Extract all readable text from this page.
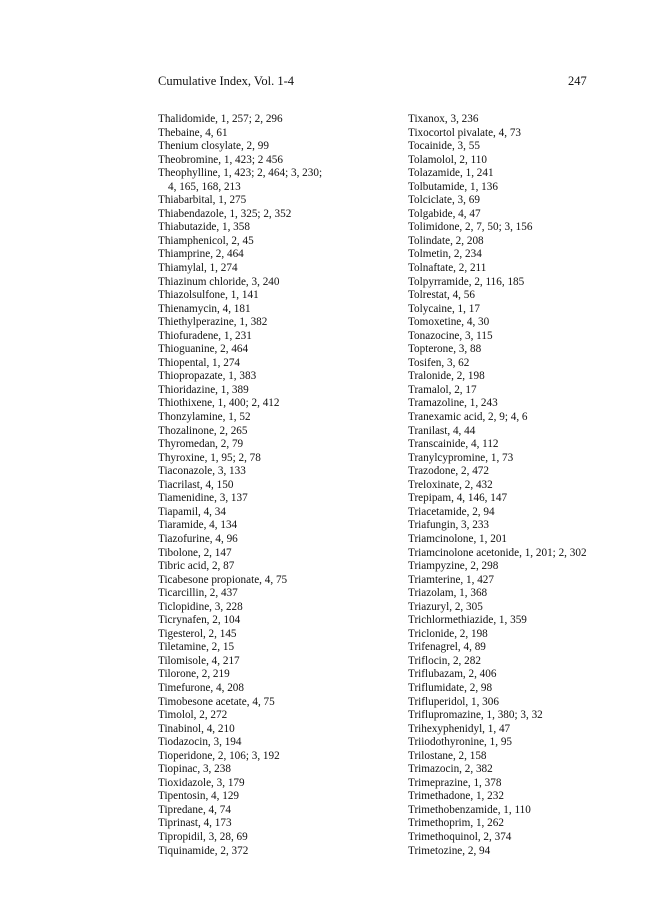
Cumulative Index, Vol. 1-4	247
Thalidomide, 1, 257; 2, 296
Thebaine, 4, 61
Thenium closylate, 2, 99
Theobromine, 1, 423; 2 456
Theophylline, 1, 423; 2, 464; 3, 230;
4, 165, 168, 213
Thiabarbital, 1, 275
Thiabendazole, 1, 325; 2, 352
Thiabutazide, 1, 358
Thiamphenicol, 2, 45
Thiamprine, 2, 464
Thiamylal, 1, 274
Thiazinum chloride, 3, 240
Thiazolsulfone, 1, 141
Thienamycin, 4, 181
Thiethylperazine, 1, 382
Thiofuradene, 1, 231
Thioguanine, 2, 464
Thiopental, 1, 274
Thiopropazate, 1, 383
Thioridazine, 1, 389
Thiothixene, 1, 400; 2, 412
Thonzylamine, 1, 52
Thozalinone, 2, 265
Thyromedan, 2, 79
Thyroxine, 1, 95; 2, 78
Tiaconazole, 3, 133
Tiacrilast, 4, 150
Tiamenidine, 3, 137
Tiapamil, 4, 34
Tiaramide, 4, 134
Tiazofurine, 4, 96
Tibolone, 2, 147
Tibric acid, 2, 87
Ticabesone propionate, 4, 75
Ticarcillin, 2, 437
Ticlopidine, 3, 228
Ticrynafen, 2, 104
Tigesterol, 2, 145
Tiletamine, 2, 15
Tilomisole, 4, 217
Tilorone, 2, 219
Timefurone, 4, 208
Timobesone acetate, 4, 75
Timolol, 2, 272
Tinabinol, 4, 210
Tiodazocin, 3, 194
Tioperidone, 2, 106; 3, 192
Tiopinac, 3, 238
Tioxidazole, 3, 179
Tipentosin, 4, 129
Tipredane, 4, 74
Tiprinast, 4, 173
Tipropidil, 3, 28, 69
Tiquinamide, 2, 372
Tixanox, 3, 236
Tixocortol pivalate, 4, 73
Tocainide, 3, 55
Tolamolol, 2, 110
Tolazamide, 1, 241
Tolbutamide, 1, 136
Tolciclate, 3, 69
Tolgabide, 4, 47
Tolimidone, 2, 7, 50; 3, 156
Tolindate, 2, 208
Tolmetin, 2, 234
Tolnaftate, 2, 211
Tolpyrramide, 2, 116, 185
Tolrestat, 4, 56
Tolycaine, 1, 17
Tomoxetine, 4, 30
Tonazocine, 3, 115
Topterone, 3, 88
Tosifen, 3, 62
Tralonide, 2, 198
Tramalol, 2, 17
Tramazoline, 1, 243
Tranexamic acid, 2, 9; 4, 6
Tranilast, 4, 44
Transcainide, 4, 112
Tranylcypromine, 1, 73
Trazodone, 2, 472
Treloxinate, 2, 432
Trepipam, 4, 146, 147
Triacetamide, 2, 94
Triafungin, 3, 233
Triamcinolone, 1, 201
Triamcinolone acetonide, 1, 201; 2, 302
Triampyzine, 2, 298
Triamterine, 1, 427
Triazolam, 1, 368
Triazuryl, 2, 305
Trichlormethiazide, 1, 359
Triclonide, 2, 198
Trifenagrel, 4, 89
Triflocin, 2, 282
Triflubazam, 2, 406
Triflumidate, 2, 98
Trifluperidol, 1, 306
Triflupromazine, 1, 380; 3, 32
Trihexyphenidyl, 1, 47
Triiodothyronine, 1, 95
Trilostane, 2, 158
Trimazocin, 2, 382
Trimeprazine, 1, 378
Trimethadone, 1, 232
Trimethobenzamide, 1, 110
Trimethoprim, 1, 262
Trimethoquinol, 2, 374
Trimetozine, 2, 94
